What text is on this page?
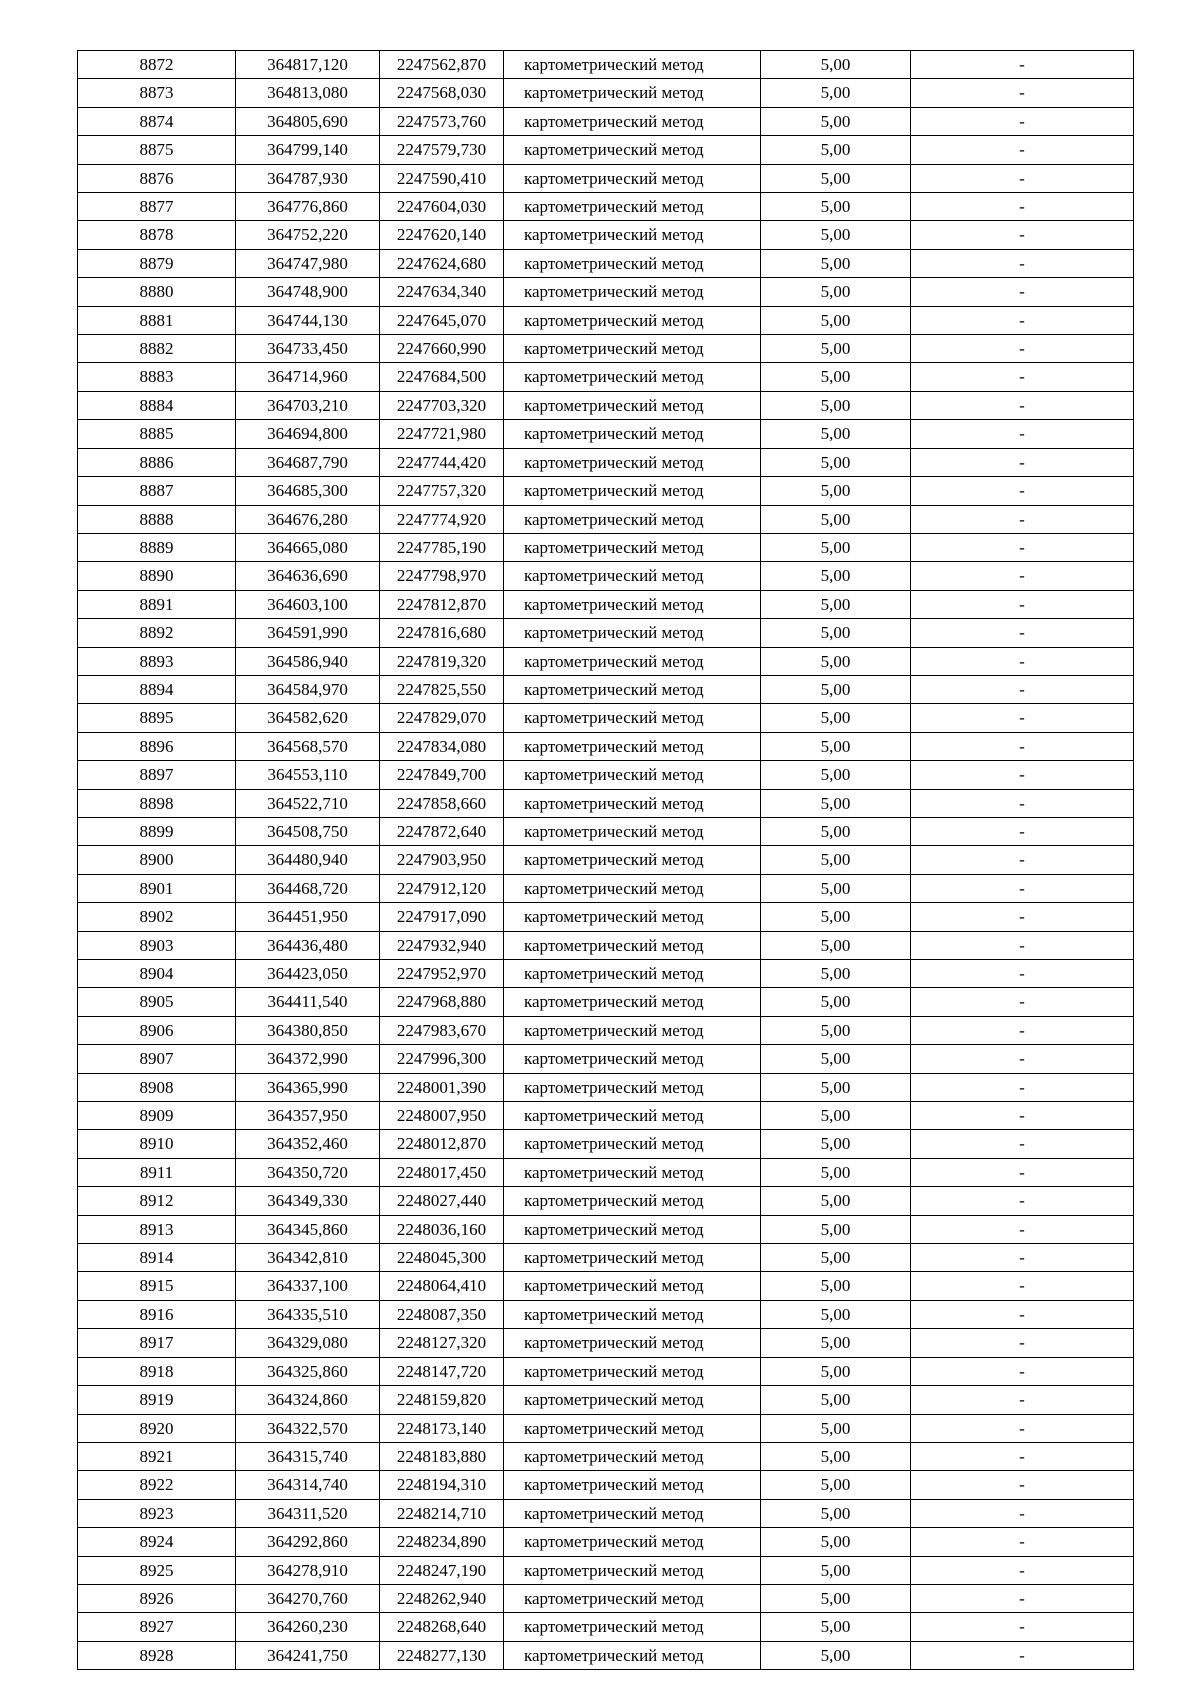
8872	364817,120	2247562,870	картометрический метод	5,00	-
8873	364813,080	2247568,030	картометрический метод	5,00	-
8874	364805,690	2247573,760	картометрический метод	5,00	-
8875	364799,140	2247579,730	картометрический метод	5,00	-
8876	364787,930	2247590,410	картометрический метод	5,00	-
8877	364776,860	2247604,030	картометрический метод	5,00	-
8878	364752,220	2247620,140	картометрический метод	5,00	-
8879	364747,980	2247624,680	картометрический метод	5,00	-
8880	364748,900	2247634,340	картометрический метод	5,00	-
8881	364744,130	2247645,070	картометрический метод	5,00	-
8882	364733,450	2247660,990	картометрический метод	5,00	-
8883	364714,960	2247684,500	картометрический метод	5,00	-
8884	364703,210	2247703,320	картометрический метод	5,00	-
8885	364694,800	2247721,980	картометрический метод	5,00	-
8886	364687,790	2247744,420	картометрический метод	5,00	-
8887	364685,300	2247757,320	картометрический метод	5,00	-
8888	364676,280	2247774,920	картометрический метод	5,00	-
8889	364665,080	2247785,190	картометрический метод	5,00	-
8890	364636,690	2247798,970	картометрический метод	5,00	-
8891	364603,100	2247812,870	картометрический метод	5,00	-
8892	364591,990	2247816,680	картометрический метод	5,00	-
8893	364586,940	2247819,320	картометрический метод	5,00	-
8894	364584,970	2247825,550	картометрический метод	5,00	-
8895	364582,620	2247829,070	картометрический метод	5,00	-
8896	364568,570	2247834,080	картометрический метод	5,00	-
8897	364553,110	2247849,700	картометрический метод	5,00	-
8898	364522,710	2247858,660	картометрический метод	5,00	-
8899	364508,750	2247872,640	картометрический метод	5,00	-
8900	364480,940	2247903,950	картометрический метод	5,00	-
8901	364468,720	2247912,120	картометрический метод	5,00	-
8902	364451,950	2247917,090	картометрический метод	5,00	-
8903	364436,480	2247932,940	картометрический метод	5,00	-
8904	364423,050	2247952,970	картометрический метод	5,00	-
8905	364411,540	2247968,880	картометрический метод	5,00	-
8906	364380,850	2247983,670	картометрический метод	5,00	-
8907	364372,990	2247996,300	картометрический метод	5,00	-
8908	364365,990	2248001,390	картометрический метод	5,00	-
8909	364357,950	2248007,950	картометрический метод	5,00	-
8910	364352,460	2248012,870	картометрический метод	5,00	-
8911	364350,720	2248017,450	картометрический метод	5,00	-
8912	364349,330	2248027,440	картометрический метод	5,00	-
8913	364345,860	2248036,160	картометрический метод	5,00	-
8914	364342,810	2248045,300	картометрический метод	5,00	-
8915	364337,100	2248064,410	картометрический метод	5,00	-
8916	364335,510	2248087,350	картометрический метод	5,00	-
8917	364329,080	2248127,320	картометрический метод	5,00	-
8918	364325,860	2248147,720	картометрический метод	5,00	-
8919	364324,860	2248159,820	картометрический метод	5,00	-
8920	364322,570	2248173,140	картометрический метод	5,00	-
8921	364315,740	2248183,880	картометрический метод	5,00	-
8922	364314,740	2248194,310	картометрический метод	5,00	-
8923	364311,520	2248214,710	картометрический метод	5,00	-
8924	364292,860	2248234,890	картометрический метод	5,00	-
8925	364278,910	2248247,190	картометрический метод	5,00	-
8926	364270,760	2248262,940	картометрический метод	5,00	-
8927	364260,230	2248268,640	картометрический метод	5,00	-
8928	364241,750	2248277,130	картометрический метод	5,00	-
